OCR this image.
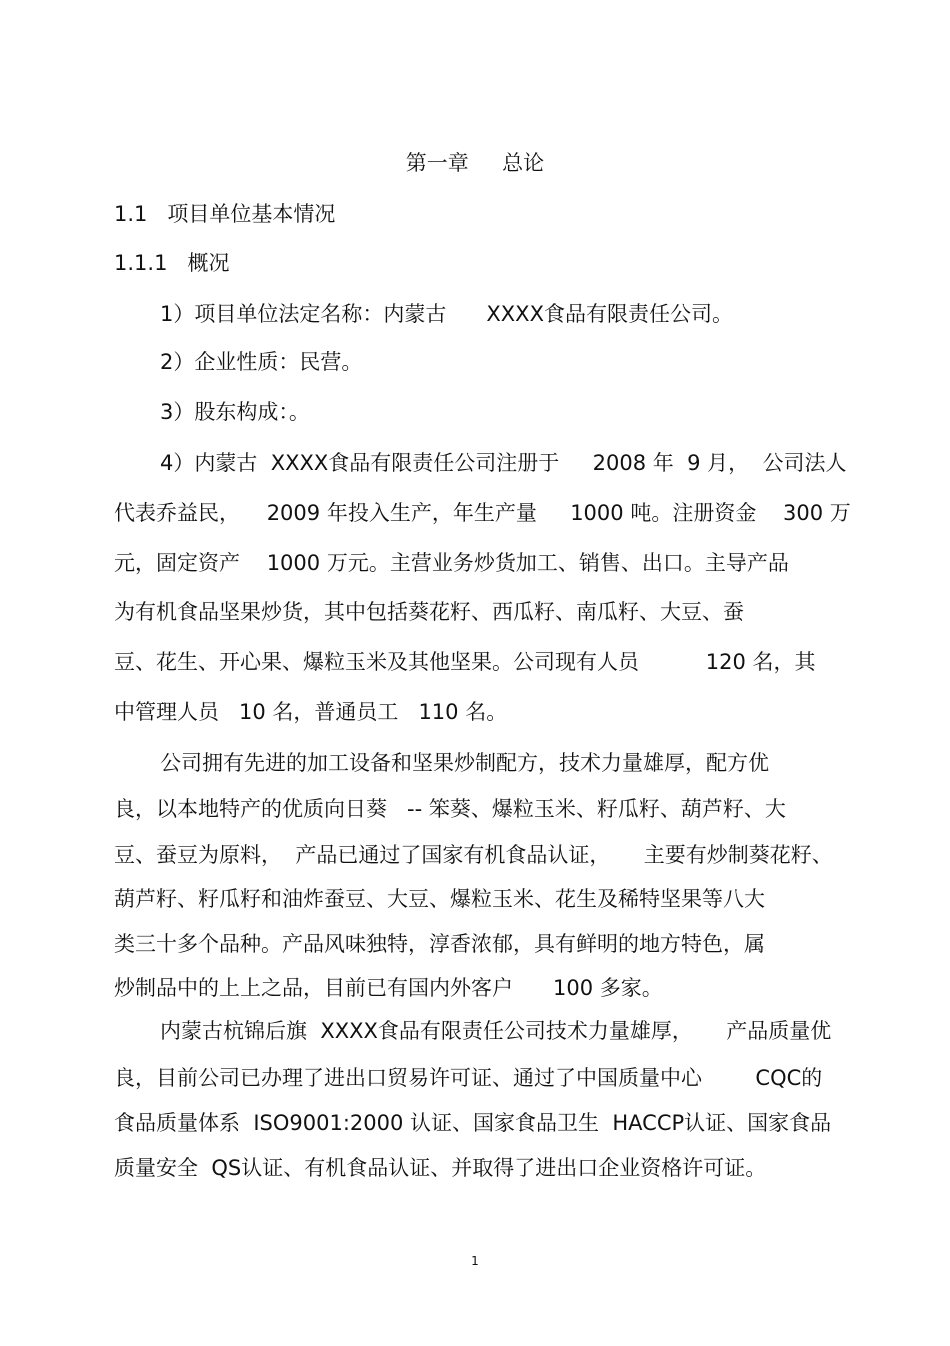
第一章     总论
1.1   项目单位基本情况
1.1.1   概况
1）项目单位法定名称：内蒙古      XXXX食品有限责任公司。
2）企业性质：民营。
3）股东构成：。
4）内蒙古  XXXX食品有限责任公司注册于     2008 年  9 月，  公司法人
代表乔益民，    2009 年投入生产，年生产量     1000 吨。注册资金    300 万
元，固定资产    1000 万元。主营业务炒货加工、销售、出口。主导产品
为有机食品坚果炒货，其中包括葵花籽、西瓜籽、南瓜籽、大豆、蚕
豆、花生、开心果、爆粒玉米及其他坚果。公司现有人员          120 名，其
中管理人员   10 名，普通员工   110 名。
公司拥有先进的加工设备和坚果炒制配方，技术力量雄厚，配方优
良，以本地特产的优质向日葵   -- 笨葵、爆粒玉米、籽瓜籽、葫芦籽、大
豆、蚕豆为原料，  产品已通过了国家有机食品认证，     主要有炒制葵花籽、
葫芦籽、籽瓜籽和油炸蚕豆、大豆、爆粒玉米、花生及稀特坚果等八大
类三十多个品种。产品风味独特，淳香浓郁，具有鲜明的地方特色，属
炒制品中的上上之品，目前已有国内外客户      100 多家。
内蒙古杭锦后旗  XXXX食品有限责任公司技术力量雄厚，     产品质量优
良，目前公司已办理了进出口贸易许可证、通过了中国质量中心        CQC的
食品质量体系  ISO9001:2000 认证、国家食品卫生  HACCP认证、国家食品
质量安全  QS认证、有机食品认证、并取得了进出口企业资格许可证。
1
